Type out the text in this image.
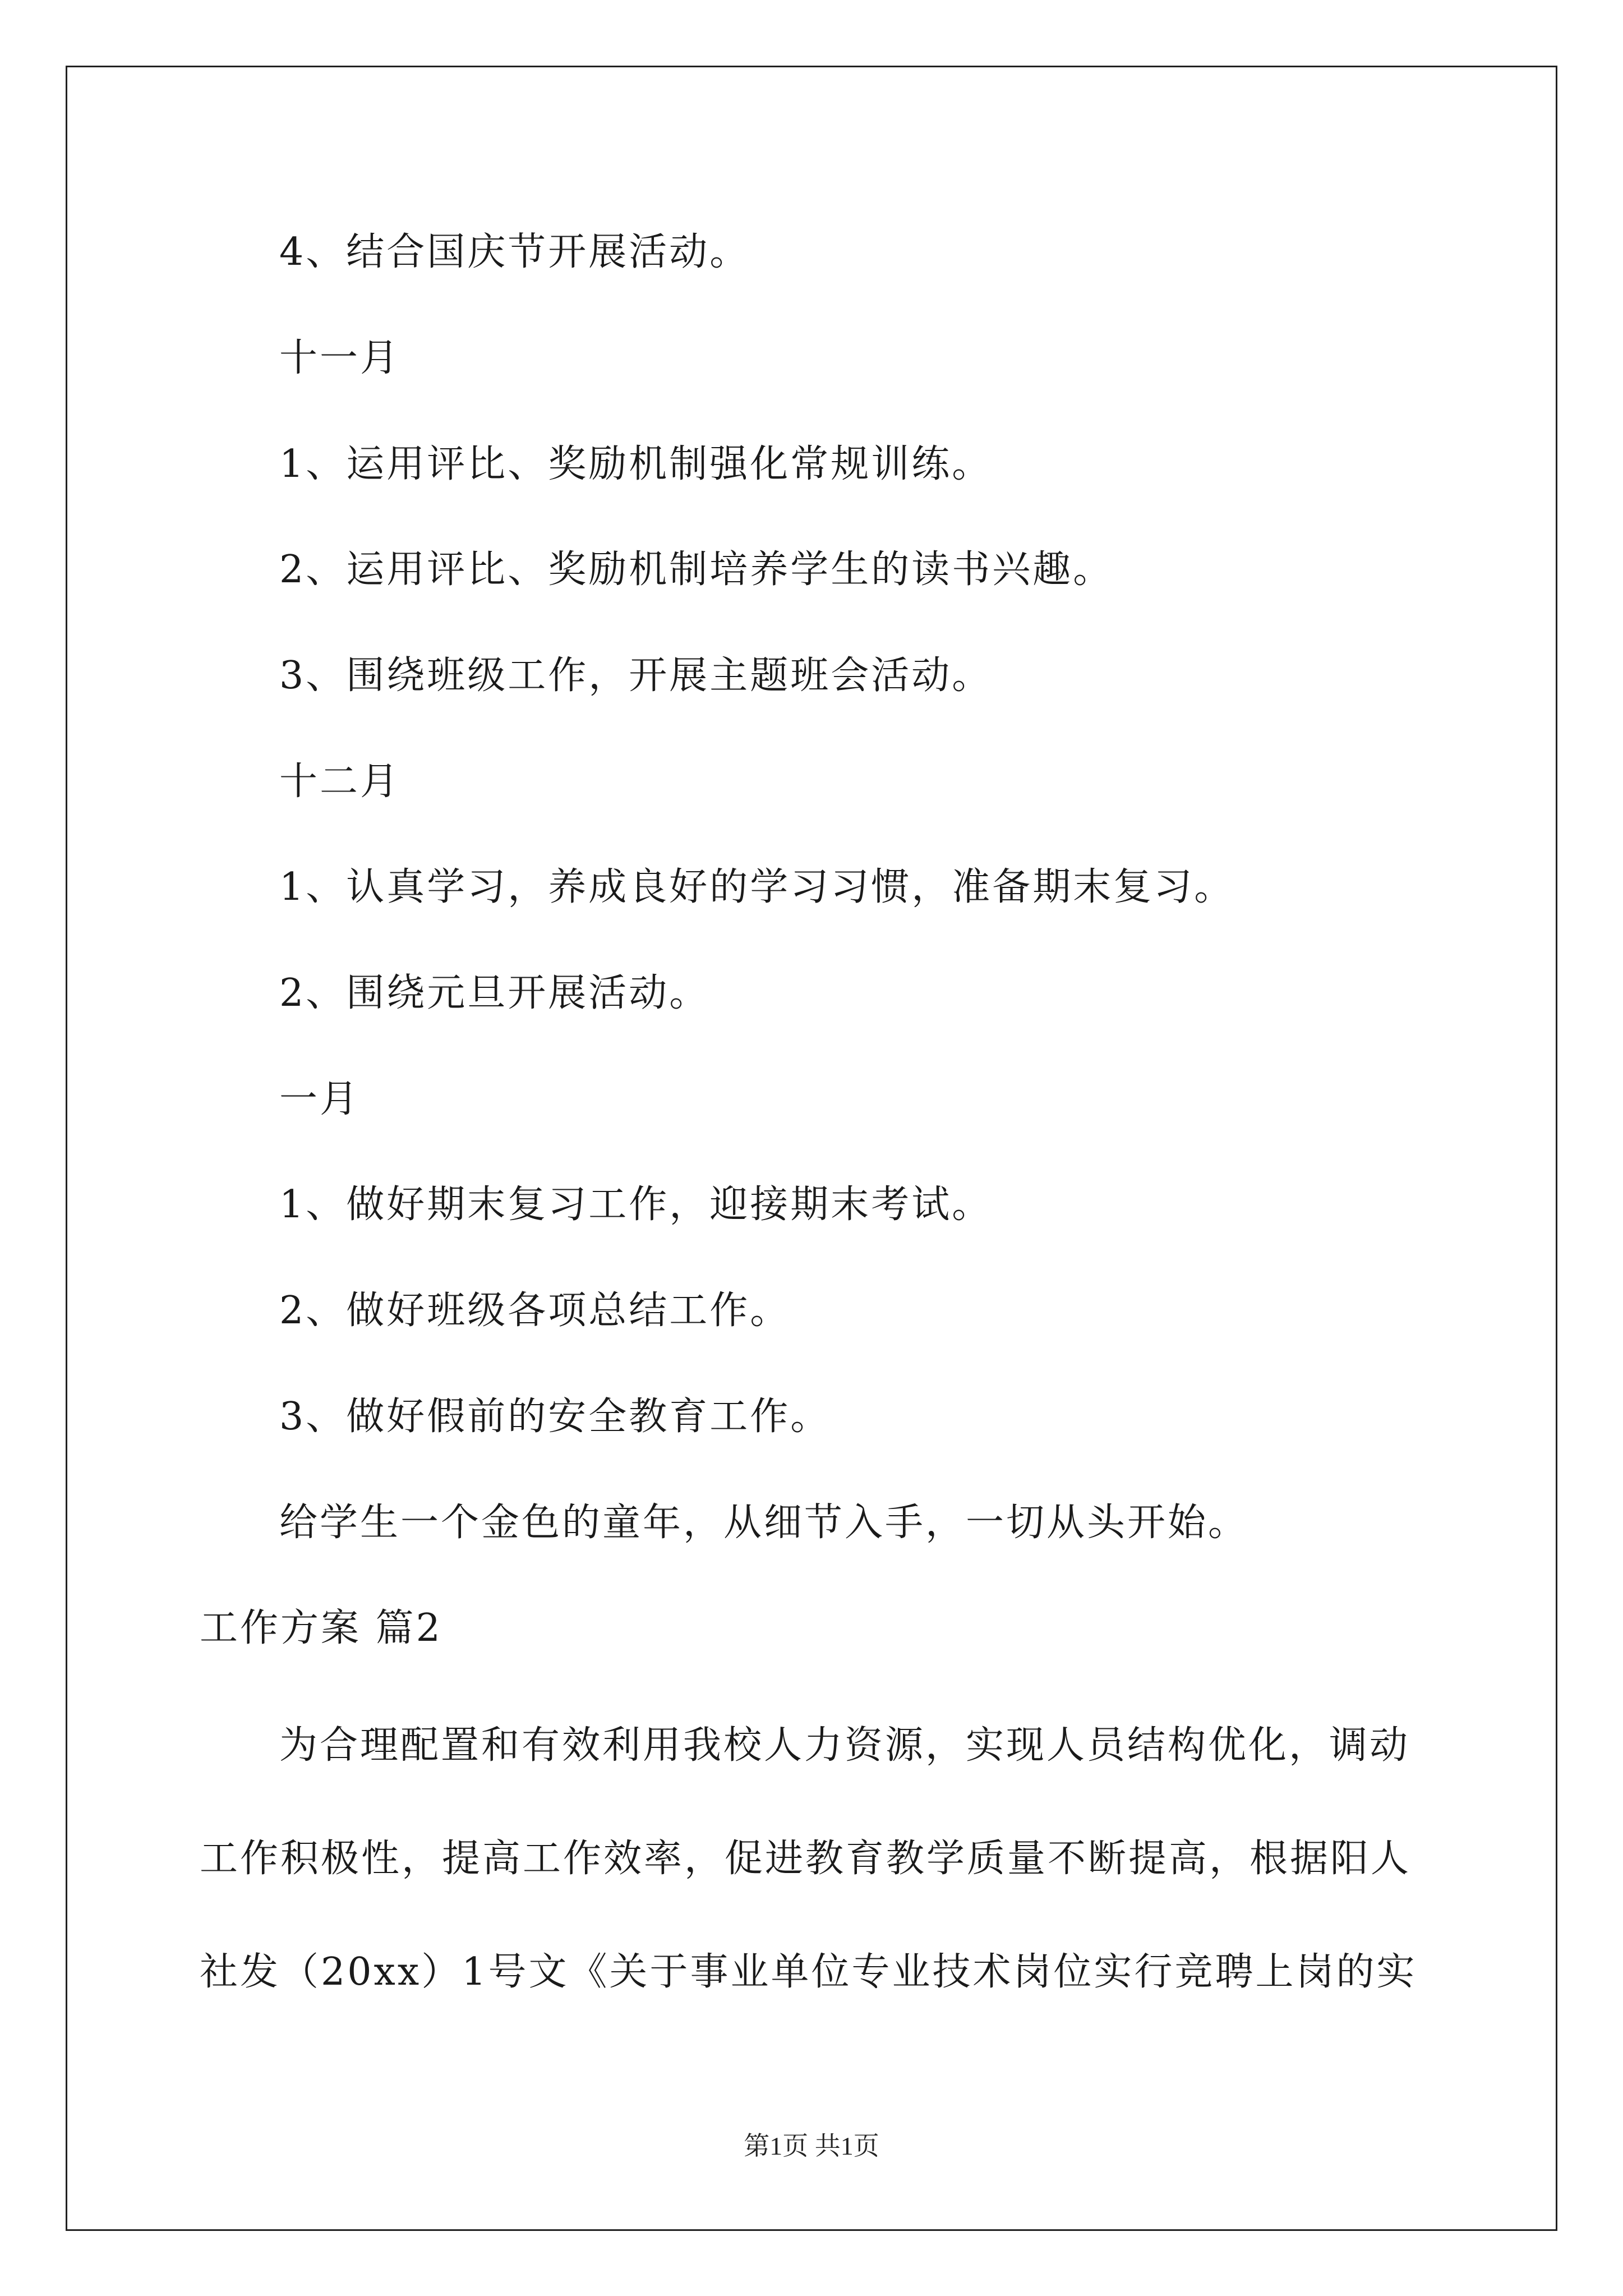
4、结合国庆节开展活动。
十一月
1、运用评比、奖励机制强化常规训练。
2、运用评比、奖励机制培养学生的读书兴趣。
3、围绕班级工作，开展主题班会活动。
十二月
1、认真学习，养成良好的学习习惯，准备期末复习。
2、围绕元旦开展活动。
一月
1、做好期末复习工作，迎接期末考试。
2、做好班级各项总结工作。
3、做好假前的安全教育工作。
给学生一个金色的童年，从细节入手，一切从头开始。
工作方案 篇2
为合理配置和有效利用我校人力资源，实现人员结构优化，调动
工作积极性，提高工作效率，促进教育教学质量不断提高，根据阳人
社发（20xx）1号文《关于事业单位专业技术岗位实行竞聘上岗的实
第1页 共1页
